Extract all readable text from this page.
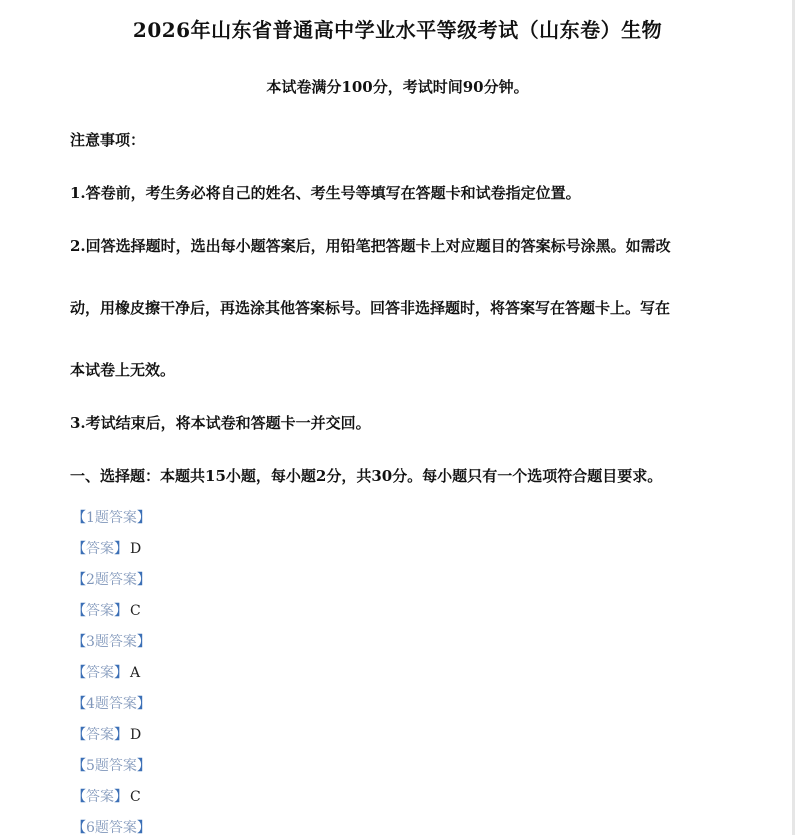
2026年山东省普通高中学业水平等级考试（山东卷）生物
本试卷满分100分，考试时间90分钟。
注意事项：
1.答卷前，考生务必将自己的姓名、考生号等填写在答题卡和试卷指定位置。
2.回答选择题时，选出每小题答案后，用铅笔把答题卡上对应题目的答案标号涂黑。如需改
动，用橡皮擦干净后，再选涂其他答案标号。回答非选择题时，将答案写在答题卡上。写在
本试卷上无效。
3.考试结束后，将本试卷和答题卡一并交回。
一、选择题：本题共15小题，每小题2分，共30分。每小题只有一个选项符合题目要求。
【1题答案】
【答案】 D
【2题答案】
【答案】 C
【3题答案】
【答案】 A
【4题答案】
【答案】 D
【5题答案】
【答案】 C
【6题答案】
